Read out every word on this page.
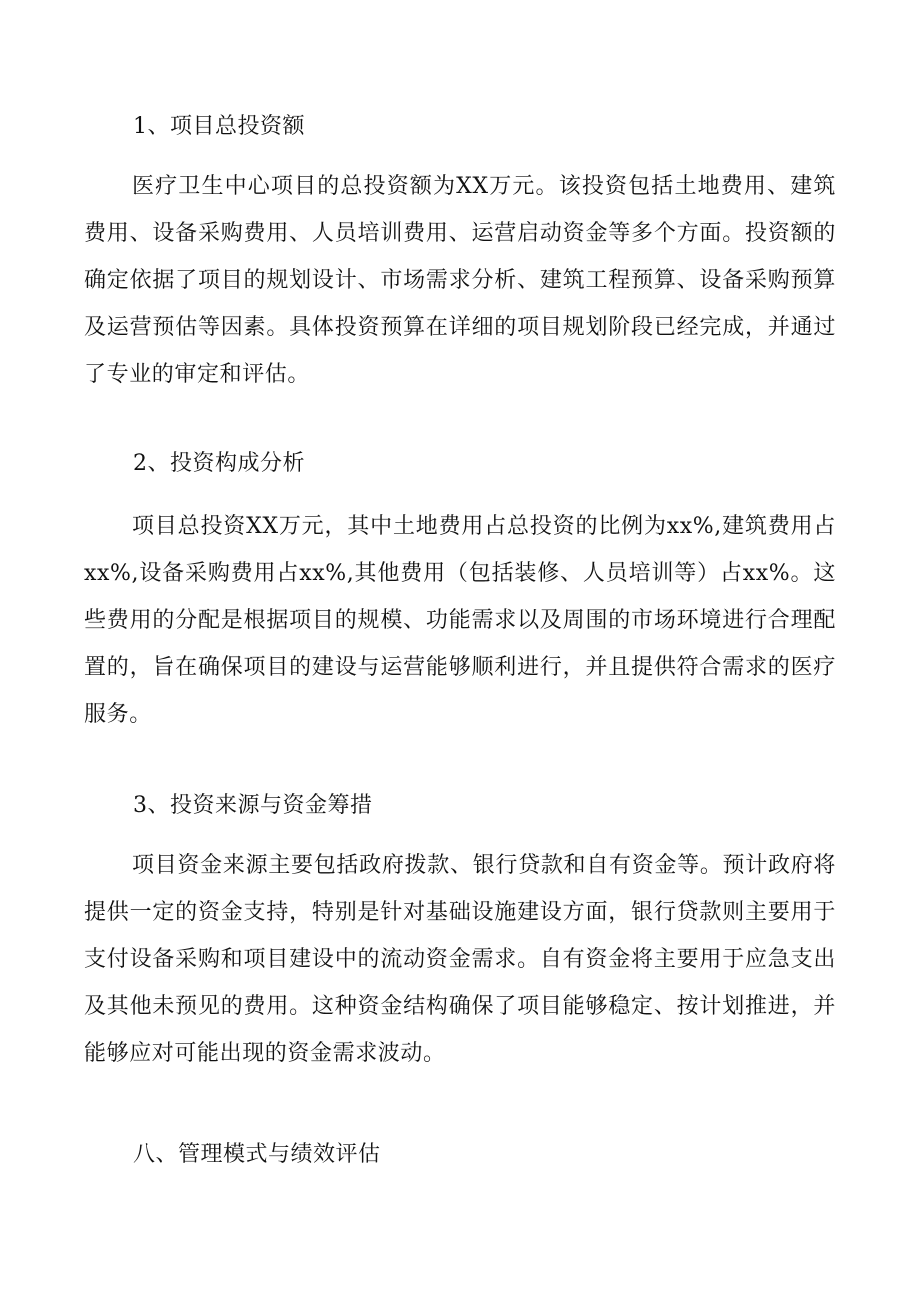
1、项目总投资额

医疗卫生中心项目的总投资额为XX万元。该投资包括土地费用、建筑费用、设备采购费用、人员培训费用、运营启动资金等多个方面。投资额的确定依据了项目的规划设计、市场需求分析、建筑工程预算、设备采购预算及运营预估等因素。具体投资预算在详细的项目规划阶段已经完成，并通过了专业的审定和评估。

2、投资构成分析

项目总投资XX万元，其中土地费用占总投资的比例为xx%,建筑费用占xx%,设备采购费用占xx%,其他费用（包括装修、人员培训等）占xx%。这些费用的分配是根据项目的规模、功能需求以及周围的市场环境进行合理配置的，旨在确保项目的建设与运营能够顺利进行，并且提供符合需求的医疗服务。

3、投资来源与资金筹措

项目资金来源主要包括政府拨款、银行贷款和自有资金等。预计政府将提供一定的资金支持，特别是针对基础设施建设方面，银行贷款则主要用于支付设备采购和项目建设中的流动资金需求。自有资金将主要用于应急支出及其他未预见的费用。这种资金结构确保了项目能够稳定、按计划推进，并能够应对可能出现的资金需求波动。

八、管理模式与绩效评估
